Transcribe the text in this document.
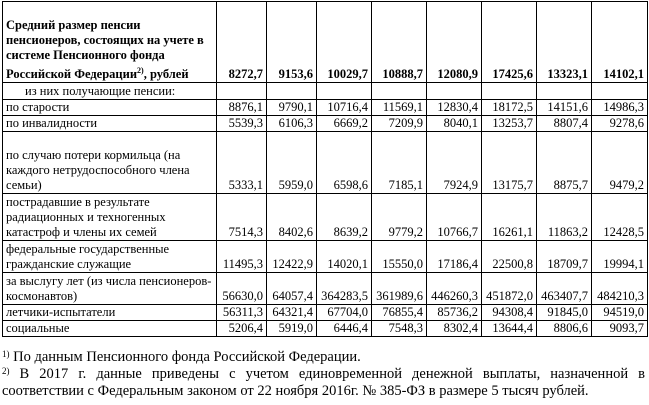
Средний размер пенсии пенсионеров, состоящих на учете в системе Пенсионного фонда Российской Федерации$^{2)}$, рублей	8272,7	9153,6	10029,7	10888,7	12080,9	17425,6	13323,1	14102,1
из них получающие пенсии:								
по старости	8876,1	9790,1	10716,4	11569,1	12830,4	18172,5	14151,6	14986,3
по инвалидности	5539,3	6106,3	6669,2	7209,9	8040,1	13253,7	8807,4	9278,6
по случаю потери кормильца (на каждого нетрудоспособного члена семьи)	5333,1	5959,0	6598,6	7185,1	7924,9	13175,7	8875,7	9479,2
пострадавшие в результате радиационных и техногенных катастроф и члены их семей	7514,3	8402,6	8639,2	9779,2	10766,7	16261,1	11863,2	12428,5
федеральные государственные гражданские служащие	11495,3	12422,9	14020,1	15550,0	17186,4	22500,8	18709,7	19994,1
за выслугу лет (из числа пенсионеров-космонавтов)	56630,0	64057,4	364283,5	361989,6	446260,3	451872,0	463407,7	484210,3
летчики-испытатели	56311,3	64321,4	67704,0	76855,4	85736,2	94308,4	91845,0	94519,0
социальные	5206,4	5919,0	6446,4	7548,3	8302,4	13644,4	8806,6	9093,7

$^{1)}$ По данным Пенсионного фонда Российской Федерации.

$^{2)}$ В 2017 г. данные приведены с учетом единовременной денежной выплаты, назначенной в соответствии с Федеральным законом от 22 ноября 2016г. № 385-ФЗ в размере 5 тысяч рублей.
